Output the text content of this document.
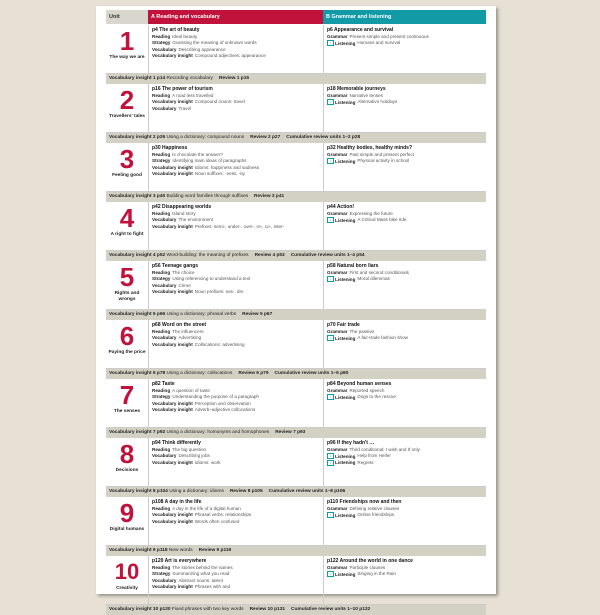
Unit	A Reading and vocabulary	B Grammar and listening
1
The way we are
p4 The art of beauty
Reading Ideal beauty
Strategy Guessing the meaning of unknown words
Vocabulary Describing appearance
Vocabulary insight Compound adjectives: appearance
p6 Appearance and survival
Grammar Present simple and present continuous
♪ Listening Humans and survival
Vocabulary insight 1 p14 Recording vocabulary Review 1 p15
2
Travellers' tales
p16 The power of tourism
Reading A road less travelled
Vocabulary insight Compound nouns: travel
Vocabulary Travel
p18 Memorable journeys
Grammar Narrative tenses
♪ Listening Alternative holidays
Vocabulary insight 2 p26 Using a dictionary: compound nouns Review 2 p27 Cumulative review units 1–2 p28
3
Feeling good
p30 Happiness
Reading Is chocolate the answer?
Strategy Identifying main ideas of paragraphs
Vocabulary insight Idioms: happiness and sadness
Vocabulary insight Noun suffixes: -ness, -ity
p32 Healthy bodies, healthy minds?
Grammar Past simple and present perfect
♪ Listening Physical activity in school
Vocabulary insight 3 p40 Building word families through suffixes Review 3 p41
4
A right to fight
p42 Disappearing worlds
Reading Island story
Vocabulary The environment
Vocabulary insight Prefixes: semi-, under-, over-, re-, co-, inter-
p44 Action!
Grammar Expressing the future
♪ Listening A Critical Mass bike ride
Vocabulary insight 4 p52 Word-building: the meaning of prefixes Review 4 p53 Cumulative review units 1–4 p54
5
Rights and wrongs
p56 Teenage gangs
Reading The choice
Strategy Using referencing to understand a text
Vocabulary Crime
Vocabulary insight Noun prefixes: mis-, dis-
p58 Natural born liars
Grammar First and second conditionals
♪ Listening Moral dilemmas
Vocabulary insight 5 p66 Using a dictionary: phrasal verbs Review 5 p67
6
Paying the price
p68 Word on the street
Reading The influencers
Vocabulary Advertising
Vocabulary insight Collocations: advertising
p70 Fair trade
Grammar The passive
♪ Listening A fair-trade fashion show
Vocabulary insight 6 p78 Using a dictionary: collocations Review 6 p79 Cumulative review units 1–6 p80
7
The senses
p82 Taste
Reading A question of taste
Strategy Understanding the purpose of a paragraph
Vocabulary insight Perception and observation
Vocabulary insight Adverb–adjective collocations
p84 Beyond human senses
Grammar Reported speech
♪ Listening Dogs to the rescue
Vocabulary insight 7 p92 Using a dictionary: homonyms and homophones Review 7 p93
8
Decisions
p94 Think differently
Reading The big question
Vocabulary Describing jobs
Vocabulary insight Idioms: work
p96 If they hadn't …
Grammar Third conditional; I wish and If only
♪ Listening Help from Heifer
♪ Listening Regrets
Vocabulary insight 8 p104 Using a dictionary: idioms Review 8 p105 Cumulative review units 1–8 p106
9
Digital humans
p108 A day in the life
Reading A day in the life of a digital human
Vocabulary insight Phrasal verbs: relationships
Vocabulary insight Words often confused
p110 Friendships now and then
Grammar Defining relative clauses
♪ Listening Online friendships
Vocabulary insight 9 p118 New words Review 9 p119
10
Creativity
p120 Art is everywhere
Reading The stories behind the names
Strategy Summarizing what you read
Vocabulary Abstract nouns: talent
Vocabulary insight Phrases with and
p122 Around the world in one dance
Grammar Participle clauses
♪ Listening Singing in the Rain
Vocabulary insight 10 p130 Fixed phrases with two key words Review 10 p131 Cumulative review units 1–10 p132
